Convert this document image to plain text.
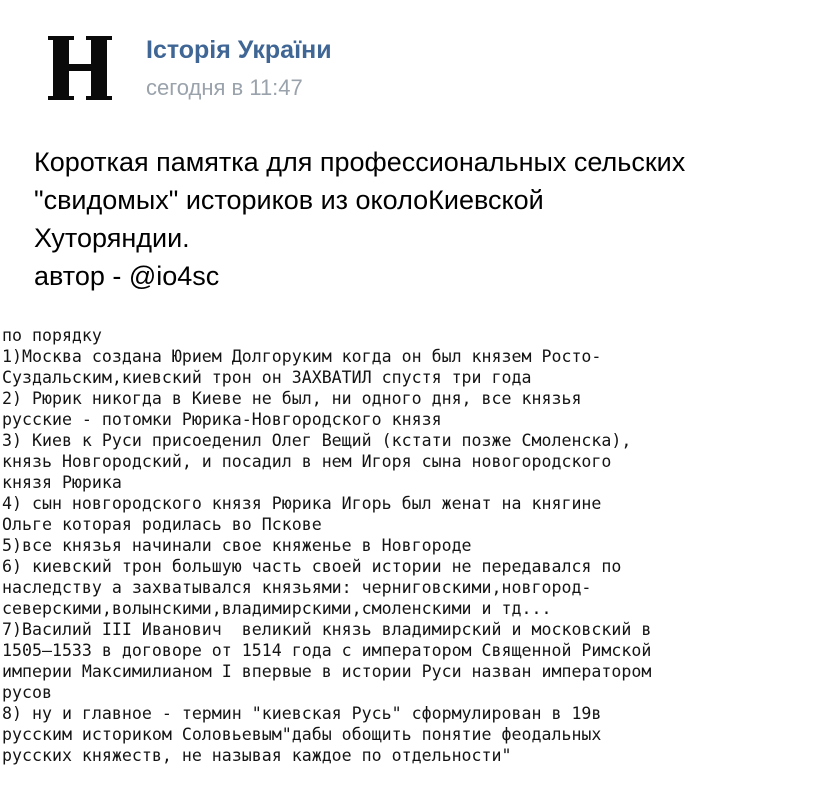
Історія України
сегодня в 11:47
Короткая памятка для профессиональных сельских
"свидомых" историков из околоКиевской
Хуторяндии.
автор - @io4sc
по порядку
1)Москва создана Юрием Долгоруким когда он был князем Росто-
Суздальским,киевский трон он ЗАХВАТИЛ спустя три года
2) Рюрик никогда в Киеве не был, ни одного дня, все князья
русские - потомки Рюрика-Новгородского князя
3) Киев к Руси присоеденил Олег Вещий (кстати позже Смоленска),
князь Новгородский, и посадил в нем Игоря сына новогородского
князя Рюрика
4) сын новгородского князя Рюрика Игорь был женат на княгине
Ольге которая родилась во Пскове
5)все князья начинали свое княженье в Новгороде
6) киевский трон большую часть своей истории не передавался по
наследству а захватывался князьями: черниговскими,новгород-
северскими,волынскими,владимирскими,смоленскими и тд...
7)Василий III Иванович  великий князь владимирский и московский в
1505—1533 в договоре от 1514 года с императором Священной Римской
империи Максимилианом I впервые в истории Руси назван императором
русов
8) ну и главное - термин "киевская Русь" сформулирован в 19в
русским историком Соловьевым"дабы обощить понятие феодальных
русских княжеств, не называя каждое по отдельности"
